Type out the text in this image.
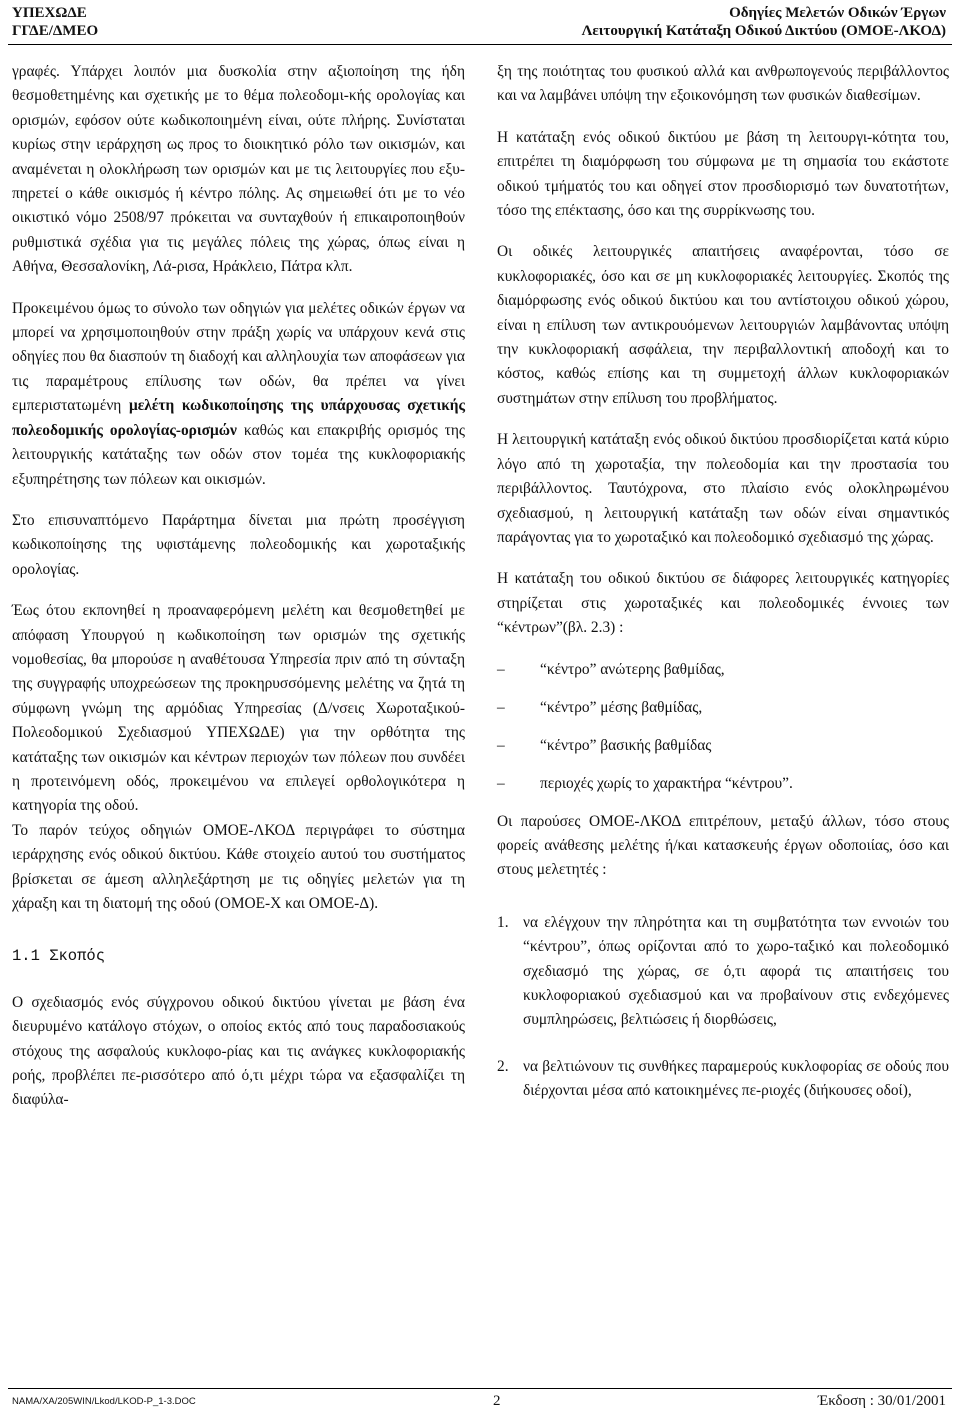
ΥΠΕΧΩΔΕ
ΓΓΔΕ/ΔΜΕΟ
Οδηγίες Μελετών Οδικών Έργων
Λειτουργική Κατάταξη Οδικού Δικτύου (ΟΜΟΕ-ΛΚΟΔ)

γραφές. Υπάρχει λοιπόν μια δυσκολία στην αξιοποίηση της ήδη θεσμοθετημένης και σχετικής με το θέμα πολεοδομι-κής ορολογίας και ορισμών, εφόσον ούτε κωδικοποιημένη είναι, ούτε πλήρης. Συνίσταται κυρίως στην ιεράρχηση ως προς το διοικητικό ρόλο των οικισμών, και αναμένεται η ολοκλήρωση των ορισμών και με τις λειτουργίες που εξυ-πηρετεί ο κάθε οικισμός ή κέντρο πόλης. Ας σημειωθεί ότι με το νέο οικιστικό νόμο 2508/97 πρόκειται να συνταχθούν ή επικαιροποιηθούν ρυθμιστικά σχέδια για τις μεγάλες πόλεις της χώρας, όπως είναι η Αθήνα, Θεσσαλονίκη, Λά-ρισα, Ηράκλειο, Πάτρα κλπ.

Προκειμένου όμως το σύνολο των οδηγιών για μελέτες οδικών έργων να μπορεί να χρησιμοποιηθούν στην πράξη χωρίς να υπάρχουν κενά στις οδηγίες που θα διασπούν τη διαδοχή και αλληλουχία των αποφάσεων για τις παραμέτρους επίλυσης των οδών, θα πρέπει να γίνει εμπεριστατωμένη μελέτη κωδικοποίησης της υπάρχουσας σχετικής πολεοδομικής ορολογίας-ορισμών καθώς και επακριβής ορισμός της λειτουργικής κατάταξης των οδών στον τομέα της κυκλοφοριακής εξυπηρέτησης των πόλεων και οικισμών.

Στο επισυναπτόμενο Παράρτημα δίνεται μια πρώτη προσέγγιση κωδικοποίησης της υφιστάμενης πολεοδομικής και χωροταξικής ορολογίας.

Έως ότου εκπονηθεί η προαναφερόμενη μελέτη και θεσμοθετηθεί με απόφαση Υπουργού η κωδικοποίηση των ορισμών της σχετικής νομοθεσίας, θα μπορούσε η αναθέτουσα Υπηρεσία πριν από τη σύνταξη της συγγραφής υποχρεώσεων της προκηρυσσόμενης μελέτης να ζητά τη σύμφωνη γνώμη της αρμόδιας Υπηρεσίας (Δ/νσεις Χωροταξικού-Πολεοδομικού Σχεδιασμού ΥΠΕΧΩΔΕ) για την ορθότητα της κατάταξης των οικισμών και κέντρων περιοχών των πόλεων που συνδέει η προτεινόμενη οδός, προκειμένου να επιλεγεί ορθολογικότερα η κατηγορία της οδού.

Το παρόν τεύχος οδηγιών ΟΜΟΕ-ΛΚΟΔ περιγράφει το σύστημα ιεράρχησης ενός οδικού δικτύου. Κάθε στοιχείο αυτού του συστήματος βρίσκεται σε άμεση αλληλεξάρτηση με τις οδηγίες μελετών για τη χάραξη και τη διατομή της οδού (ΟΜΟΕ-Χ και ΟΜΟΕ-Δ).

1.1 Σκοπός

Ο σχεδιασμός ενός σύγχρονου οδικού δικτύου γίνεται με βάση ένα διευρυμένο κατάλογο στόχων, ο οποίος εκτός από τους παραδοσιακούς στόχους της ασφαλούς κυκλοφο-ρίας και τις ανάγκες κυκλοφοριακής ροής, προβλέπει πε-ρισσότερο από ό,τι μέχρι τώρα να εξασφαλίζει τη διαφύλα-

ξη της ποιότητας του φυσικού αλλά και ανθρωπογενούς περιβάλλοντος και να λαμβάνει υπόψη την εξοικονόμηση των φυσικών διαθεσίμων.

Η κατάταξη ενός οδικού δικτύου με βάση τη λειτουργι-κότητα του, επιτρέπει τη διαμόρφωση του σύμφωνα με τη σημασία του εκάστοτε οδικού τμήματός του και οδηγεί στον προσδιορισμό των δυνατοτήτων, τόσο της επέκτασης, όσο και της συρρίκνωσης του.

Οι οδικές λειτουργικές απαιτήσεις αναφέρονται, τόσο σε κυκλοφοριακές, όσο και σε μη κυκλοφοριακές λειτουργίες. Σκοπός της διαμόρφωσης ενός οδικού δικτύου και του αντίστοιχου οδικού χώρου, είναι η επίλυση των αντικρουόμενων λειτουργιών λαμβάνοντας υπόψη την κυκλοφοριακή ασφάλεια, την περιβαλλοντική αποδοχή και το κόστος, καθώς επίσης και τη συμμετοχή άλλων κυκλοφοριακών συστημάτων στην επίλυση του προβλήματος.

Η λειτουργική κατάταξη ενός οδικού δικτύου προσδιορίζεται κατά κύριο λόγο από τη χωροταξία, την πολεοδομία και την προστασία του περιβάλλοντος. Ταυτόχρονα, στο πλαίσιο ενός ολοκληρωμένου σχεδιασμού, η λειτουργική κατάταξη των οδών είναι σημαντικός παράγοντας για το χωροταξικό και πολεοδομικό σχεδιασμό της χώρας.

Η κατάταξη του οδικού δικτύου σε διάφορες λειτουργικές κατηγορίες στηρίζεται στις χωροταξικές και πολεοδομικές έννοιες των “κέντρων”(βλ. 2.3) :

–	“κέντρο” ανώτερης βαθμίδας,
–	“κέντρο” μέσης βαθμίδας,
–	“κέντρο” βασικής βαθμίδας
–	περιοχές χωρίς το χαρακτήρα “κέντρου”.

Οι παρούσες ΟΜΟΕ-ΛΚΟΔ επιτρέπουν, μεταξύ άλλων, τόσο στους φορείς ανάθεσης μελέτης ή/και κατασκευής έργων οδοποιίας, όσο και στους μελετητές :

1. να ελέγχουν την πληρότητα και τη συμβατότητα των εννοιών του “κέντρου”, όπως ορίζονται από το χωρο-ταξικό και πολεοδομικό σχεδιασμό της χώρας, σε ό,τι αφορά τις απαιτήσεις του κυκλοφοριακού σχεδιασμού και να προβαίνουν στις ενδεχόμενες συμπληρώσεις, βελτιώσεις ή διορθώσεις,
2. να βελτιώνουν τις συνθήκες παραμερούς κυκλοφορίας σε οδούς που διέρχονται μέσα από κατοικημένες πε-ριοχές (διήκουσες οδοί),
NAMA/XA/205WIN/Lkod/LKOD-P_1-3.DOC	2	Έκδοση : 30/01/2001
